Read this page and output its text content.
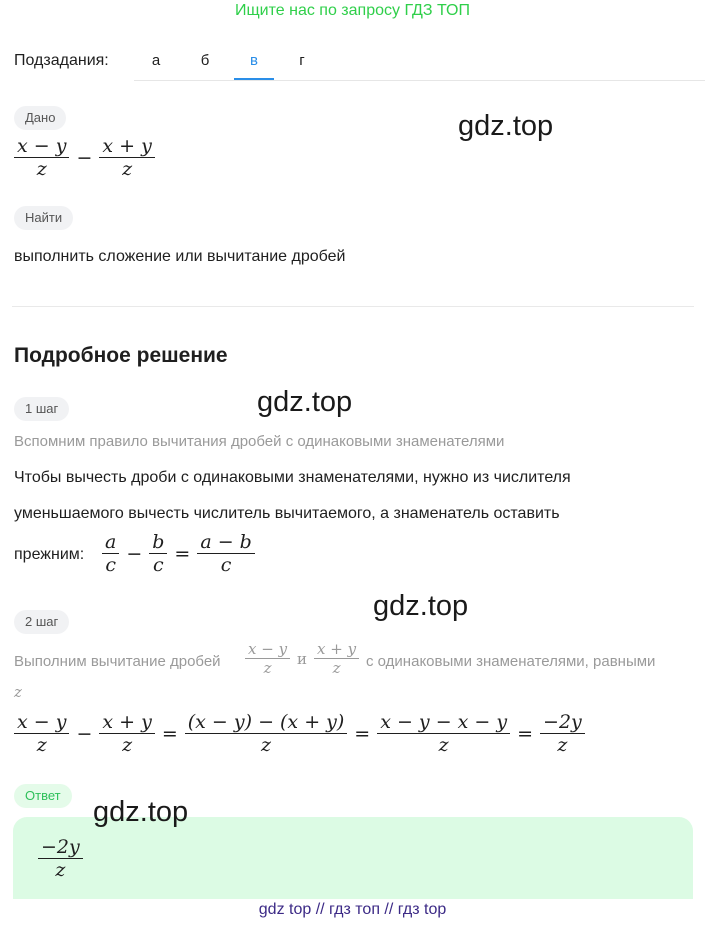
Ищите нас по запросу ГДЗ ТОП
Подзадания:	а	б	в	г
Дано
$\frac{x - y}{z} - \frac{x + y}{z}$
gdz.top
Найти
выполнить сложение или вычитание дробей
Подробное решение
1 шаг	gdz.top
Вспомним правило вычитания дробей с одинаковыми знаменателями
Чтобы вычесть дроби с одинаковыми знаменателями, нужно из числителя
уменьшаемого вычесть числитель вычитаемого, а знаменатель оставить
прежним: $\frac{a}{c} - \frac{b}{c} = \frac{a - b}{c}$
gdz.top
2 шаг
Выполним вычитание дробей $\frac{x - y}{z}$ и $\frac{x + y}{z}$ с одинаковыми знаменателями, равными
z
$\frac{x - y}{z} - \frac{x + y}{z} = \frac{(x - y) - (x + y)}{z} = \frac{x - y - x - y}{z} = \frac{-2y}{z}$
Ответ
$\frac{-2y}{z}$
gdz.top
gdz top // гдз топ // гдз top
